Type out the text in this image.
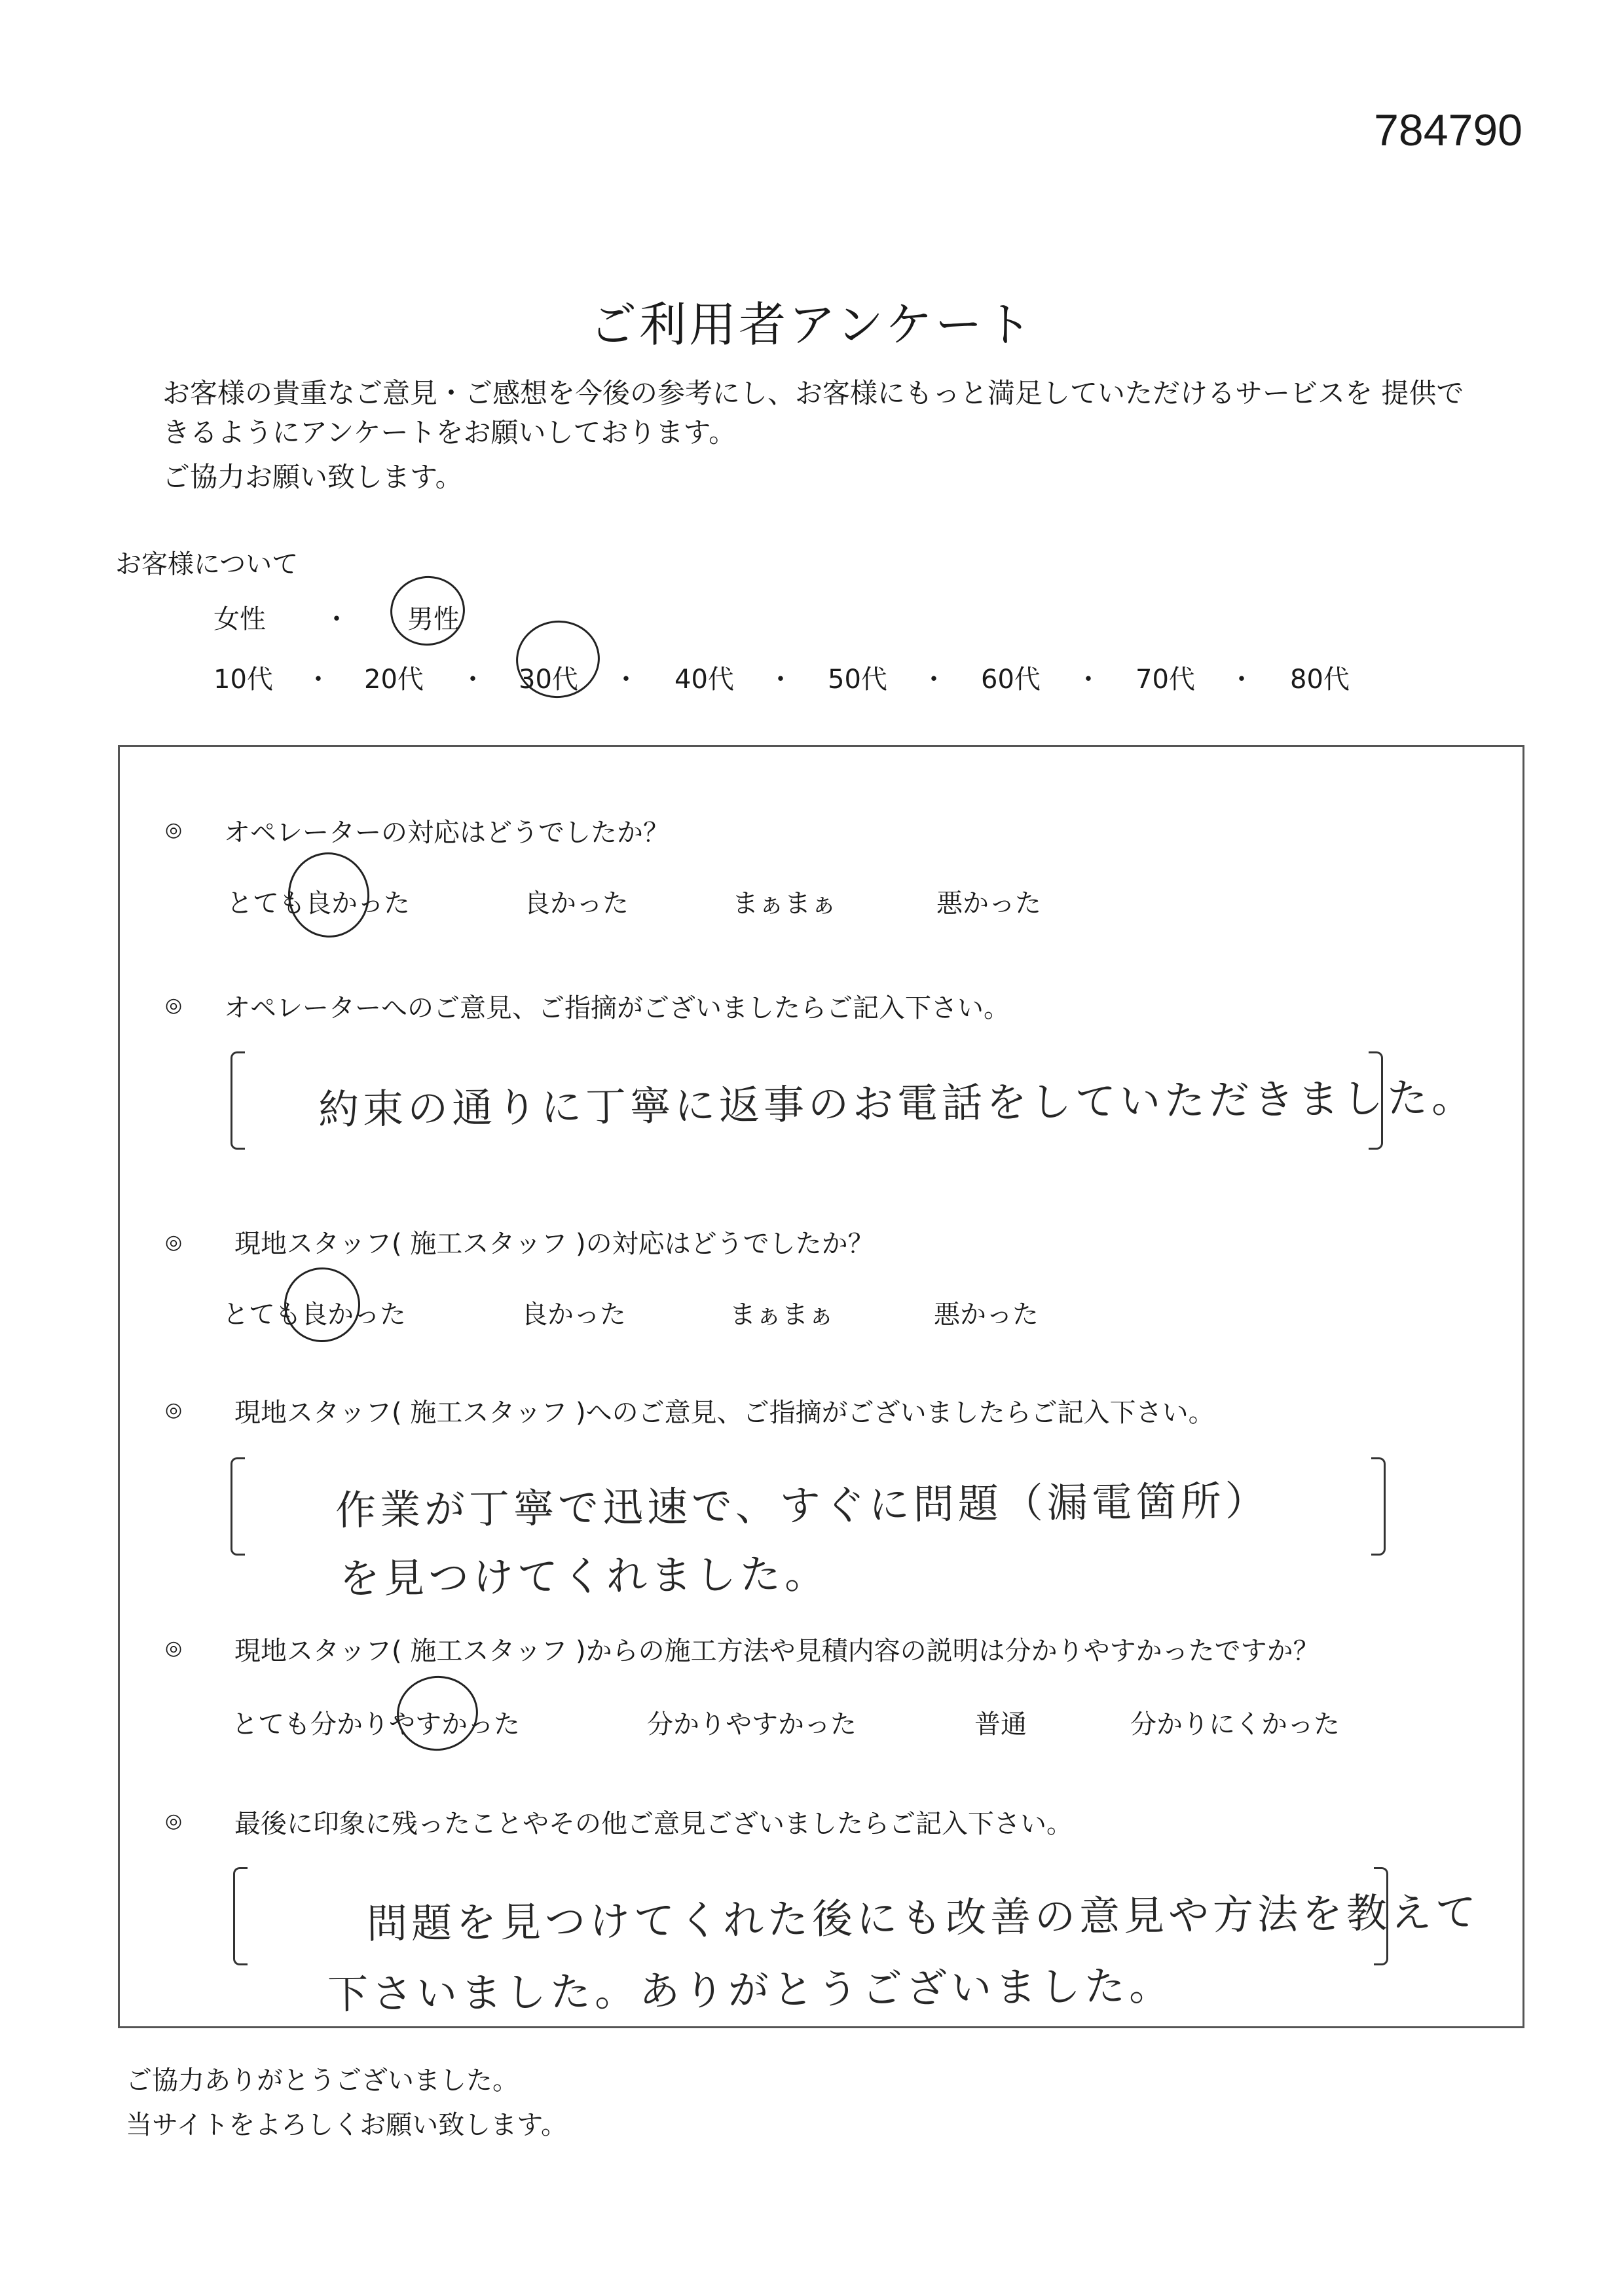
784790
ご利用者アンケート
お客様の貴重なご意見・ご感想を今後の参考にし、お客様にもっと満足していただけるサービスを 提供で
きるようにアンケートをお願いしております。
ご協力お願い致します。
お客様について
女性 ・ 男性
10代 ・ 20代 ・ 30代 ・ 40代 ・ 50代 ・ 60代 ・ 70代 ・ 80代
◎ オペレーターの対応はどうでしたか？
とても良かった	良かった	まぁまぁ	悪かった
◎ オペレーターへのご意見、ご指摘がございましたらご記入下さい。
約束の通りに丁寧に返事のお電話をしていただきました。
◎ 現地スタッフ( 施工スタッフ )の対応はどうでしたか？
とても良かった	良かった	まぁまぁ	悪かった
◎ 現地スタッフ( 施工スタッフ )へのご意見、ご指摘がございましたらご記入下さい。
作業が丁寧で迅速で、すぐに問題（漏電箇所）
を見つけてくれました。
◎ 現地スタッフ( 施工スタッフ )からの施工方法や見積内容の説明は分かりやすかったですか？
とても分かりやすかった	分かりやすかった	普通	分かりにくかった
◎ 最後に印象に残ったことやその他ご意見ございましたらご記入下さい。
問題を見つけてくれた後にも改善の意見や方法を教えて
下さいました。ありがとうございました。
ご協力ありがとうございました。
当サイトをよろしくお願い致します。
